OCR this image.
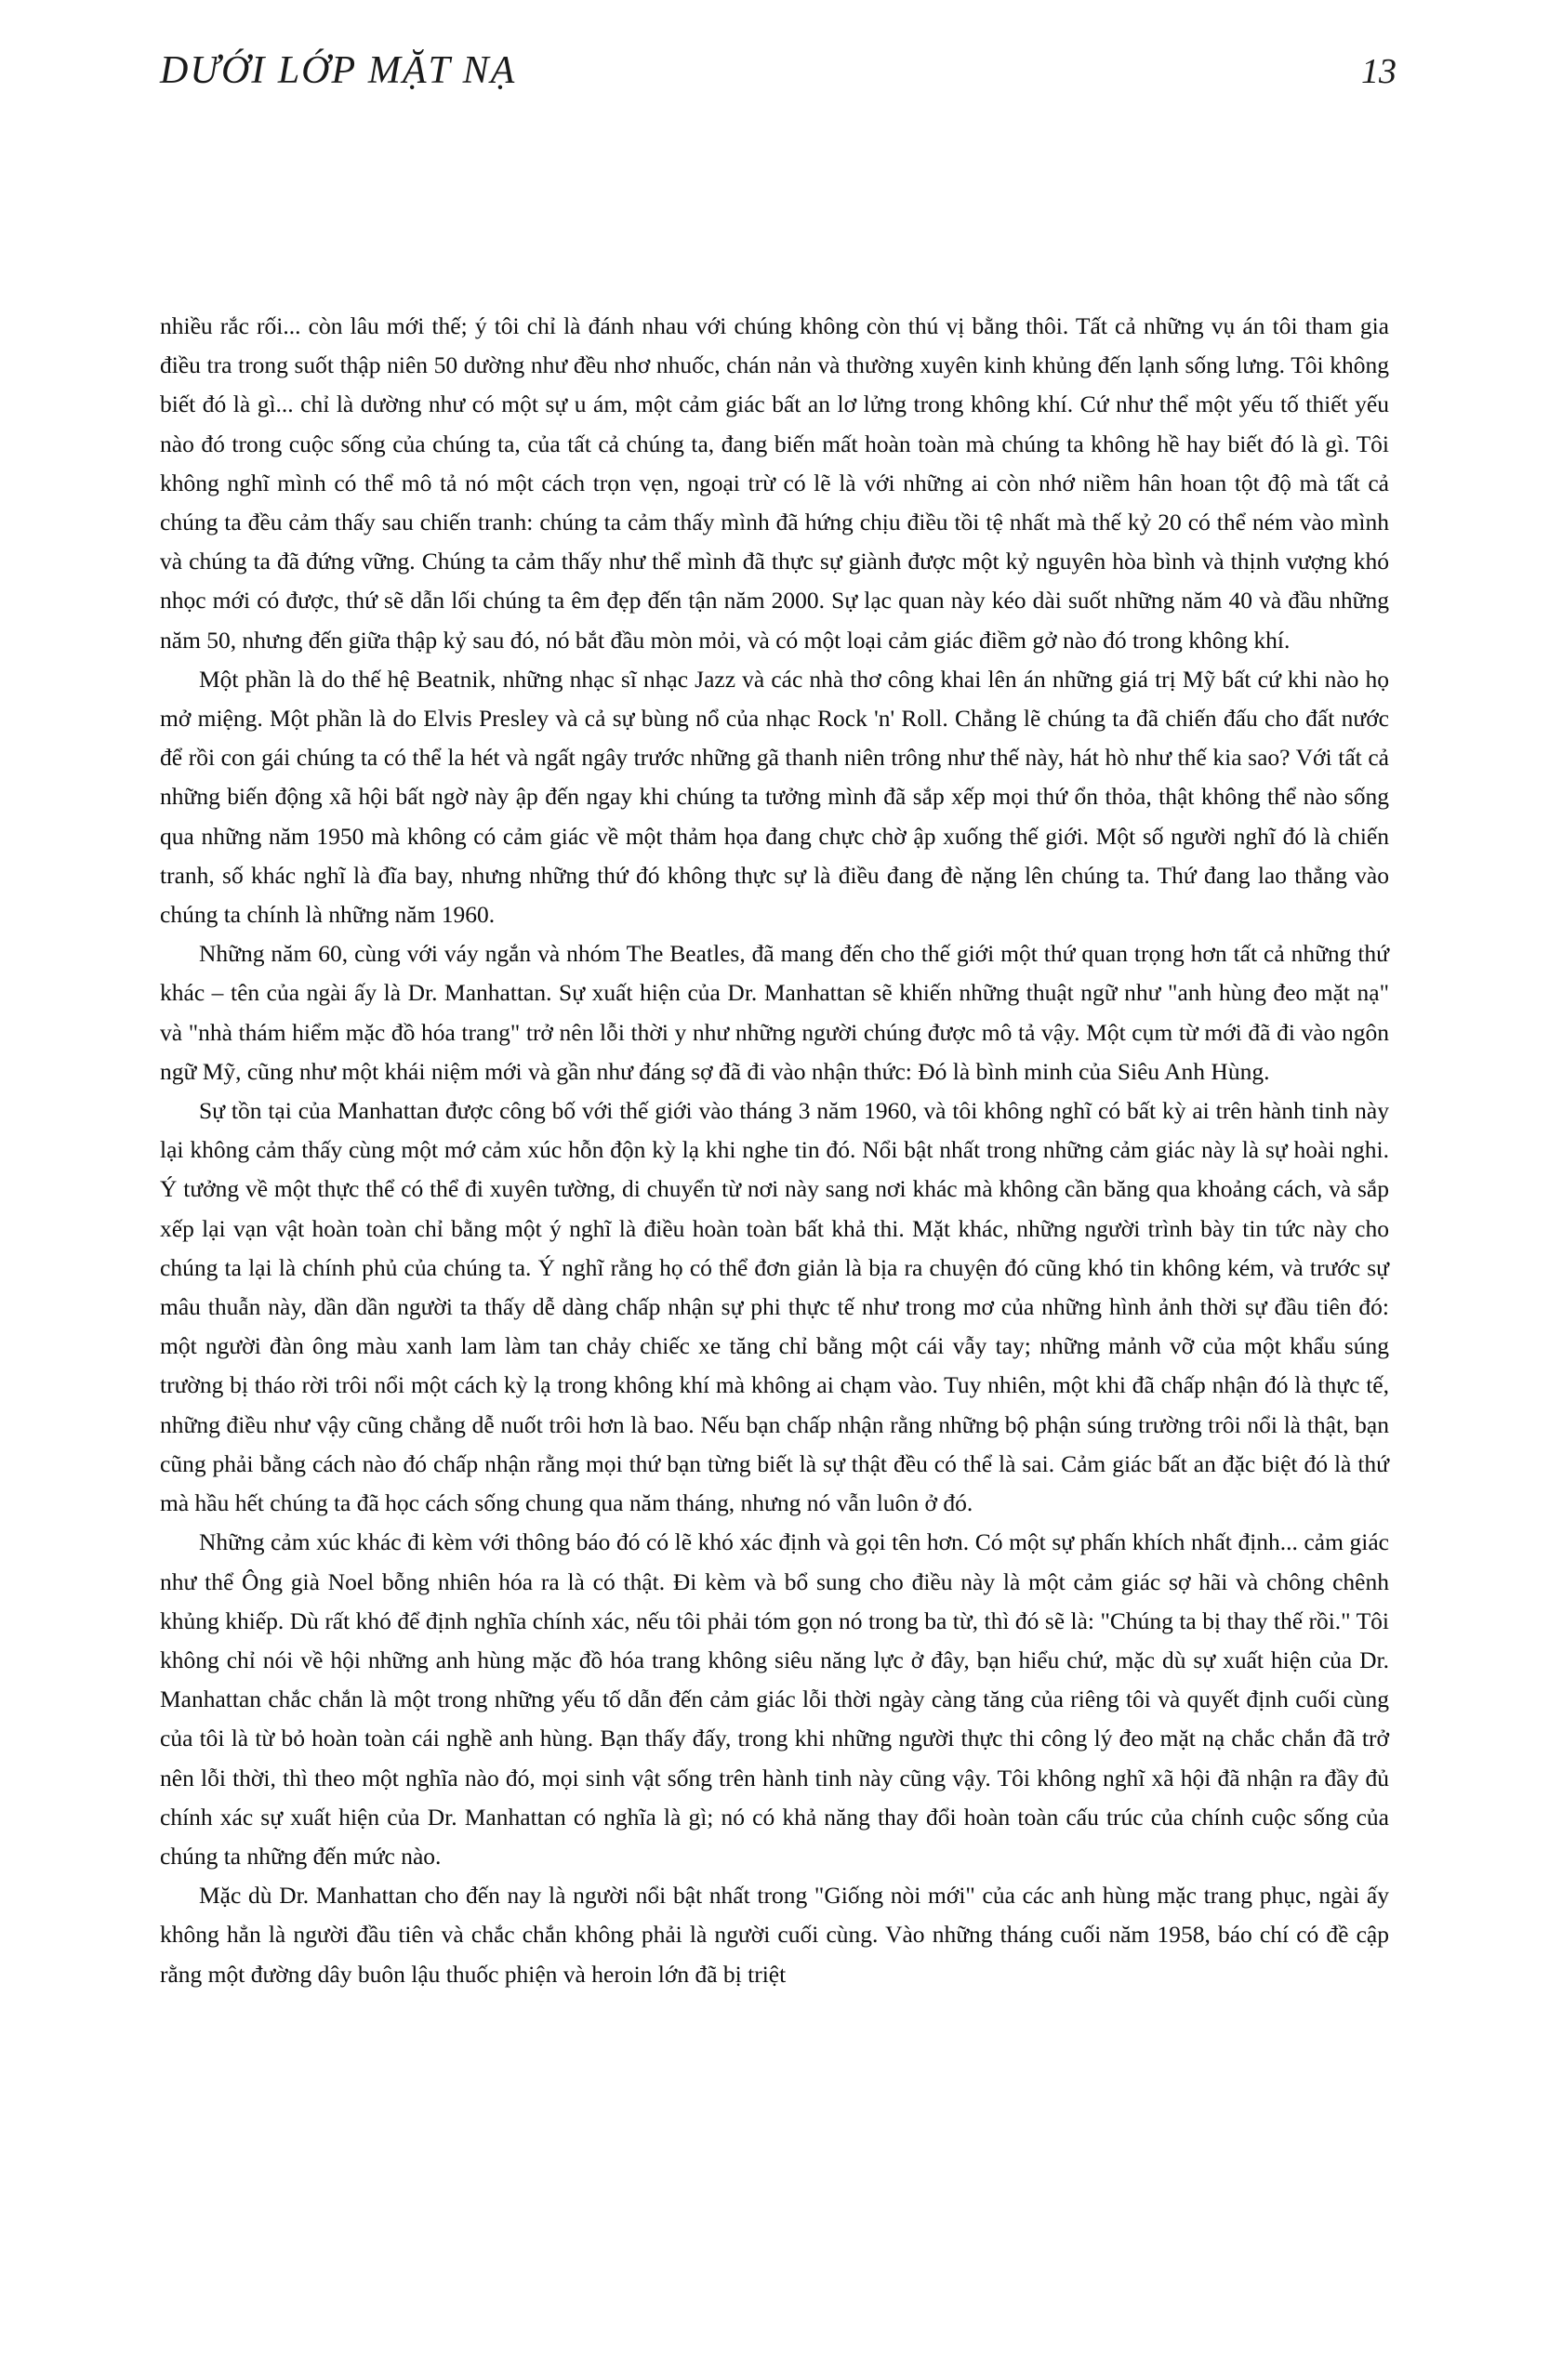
DƯỚI LỚP MẶT NẠ	13

nhiều rắc rối... còn lâu mới thế; ý tôi chỉ là đánh nhau với chúng không còn thú vị bằng thôi. Tất cả những vụ án tôi tham gia điều tra trong suốt thập niên 50 dường như đều nhơ nhuốc, chán nản và thường xuyên kinh khủng đến lạnh sống lưng. Tôi không biết đó là gì... chỉ là dường như có một sự u ám, một cảm giác bất an lơ lửng trong không khí. Cứ như thể một yếu tố thiết yếu nào đó trong cuộc sống của chúng ta, của tất cả chúng ta, đang biến mất hoàn toàn mà chúng ta không hề hay biết đó là gì. Tôi không nghĩ mình có thể mô tả nó một cách trọn vẹn, ngoại trừ có lẽ là với những ai còn nhớ niềm hân hoan tột độ mà tất cả chúng ta đều cảm thấy sau chiến tranh: chúng ta cảm thấy mình đã hứng chịu điều tồi tệ nhất mà thế kỷ 20 có thể ném vào mình và chúng ta đã đứng vững. Chúng ta cảm thấy như thể mình đã thực sự giành được một kỷ nguyên hòa bình và thịnh vượng khó nhọc mới có được, thứ sẽ dẫn lối chúng ta êm đẹp đến tận năm 2000. Sự lạc quan này kéo dài suốt những năm 40 và đầu những năm 50, nhưng đến giữa thập kỷ sau đó, nó bắt đầu mòn mỏi, và có một loại cảm giác điềm gở nào đó trong không khí.

Một phần là do thế hệ Beatnik, những nhạc sĩ nhạc Jazz và các nhà thơ công khai lên án những giá trị Mỹ bất cứ khi nào họ mở miệng. Một phần là do Elvis Presley và cả sự bùng nổ của nhạc Rock 'n' Roll. Chẳng lẽ chúng ta đã chiến đấu cho đất nước để rồi con gái chúng ta có thể la hét và ngất ngây trước những gã thanh niên trông như thế này, hát hò như thế kia sao? Với tất cả những biến động xã hội bất ngờ này ập đến ngay khi chúng ta tưởng mình đã sắp xếp mọi thứ ổn thỏa, thật không thể nào sống qua những năm 1950 mà không có cảm giác về một thảm họa đang chực chờ ập xuống thế giới. Một số người nghĩ đó là chiến tranh, số khác nghĩ là đĩa bay, nhưng những thứ đó không thực sự là điều đang đè nặng lên chúng ta. Thứ đang lao thẳng vào chúng ta chính là những năm 1960.

Những năm 60, cùng với váy ngắn và nhóm The Beatles, đã mang đến cho thế giới một thứ quan trọng hơn tất cả những thứ khác – tên của ngài ấy là Dr. Manhattan. Sự xuất hiện của Dr. Manhattan sẽ khiến những thuật ngữ như "anh hùng đeo mặt nạ" và "nhà thám hiểm mặc đồ hóa trang" trở nên lỗi thời y như những người chúng được mô tả vậy. Một cụm từ mới đã đi vào ngôn ngữ Mỹ, cũng như một khái niệm mới và gần như đáng sợ đã đi vào nhận thức: Đó là bình minh của Siêu Anh Hùng.

Sự tồn tại của Manhattan được công bố với thế giới vào tháng 3 năm 1960, và tôi không nghĩ có bất kỳ ai trên hành tinh này lại không cảm thấy cùng một mớ cảm xúc hỗn độn kỳ lạ khi nghe tin đó. Nổi bật nhất trong những cảm giác này là sự hoài nghi. Ý tưởng về một thực thể có thể đi xuyên tường, di chuyển từ nơi này sang nơi khác mà không cần băng qua khoảng cách, và sắp xếp lại vạn vật hoàn toàn chỉ bằng một ý nghĩ là điều hoàn toàn bất khả thi. Mặt khác, những người trình bày tin tức này cho chúng ta lại là chính phủ của chúng ta. Ý nghĩ rằng họ có thể đơn giản là bịa ra chuyện đó cũng khó tin không kém, và trước sự mâu thuẫn này, dần dần người ta thấy dễ dàng chấp nhận sự phi thực tế như trong mơ của những hình ảnh thời sự đầu tiên đó: một người đàn ông màu xanh lam làm tan chảy chiếc xe tăng chỉ bằng một cái vẫy tay; những mảnh vỡ của một khẩu súng trường bị tháo rời trôi nổi một cách kỳ lạ trong không khí mà không ai chạm vào. Tuy nhiên, một khi đã chấp nhận đó là thực tế, những điều như vậy cũng chẳng dễ nuốt trôi hơn là bao. Nếu bạn chấp nhận rằng những bộ phận súng trường trôi nổi là thật, bạn cũng phải bằng cách nào đó chấp nhận rằng mọi thứ bạn từng biết là sự thật đều có thể là sai. Cảm giác bất an đặc biệt đó là thứ mà hầu hết chúng ta đã học cách sống chung qua năm tháng, nhưng nó vẫn luôn ở đó.

Những cảm xúc khác đi kèm với thông báo đó có lẽ khó xác định và gọi tên hơn. Có một sự phấn khích nhất định... cảm giác như thể Ông già Noel bỗng nhiên hóa ra là có thật. Đi kèm và bổ sung cho điều này là một cảm giác sợ hãi và chông chênh khủng khiếp. Dù rất khó để định nghĩa chính xác, nếu tôi phải tóm gọn nó trong ba từ, thì đó sẽ là: "Chúng ta bị thay thế rồi." Tôi không chỉ nói về hội những anh hùng mặc đồ hóa trang không siêu năng lực ở đây, bạn hiểu chứ, mặc dù sự xuất hiện của Dr. Manhattan chắc chắn là một trong những yếu tố dẫn đến cảm giác lỗi thời ngày càng tăng của riêng tôi và quyết định cuối cùng của tôi là từ bỏ hoàn toàn cái nghề anh hùng. Bạn thấy đấy, trong khi những người thực thi công lý đeo mặt nạ chắc chắn đã trở nên lỗi thời, thì theo một nghĩa nào đó, mọi sinh vật sống trên hành tinh này cũng vậy. Tôi không nghĩ xã hội đã nhận ra đầy đủ chính xác sự xuất hiện của Dr. Manhattan có nghĩa là gì; nó có khả năng thay đổi hoàn toàn cấu trúc của chính cuộc sống của chúng ta những đến mức nào.

Mặc dù Dr. Manhattan cho đến nay là người nổi bật nhất trong "Giống nòi mới" của các anh hùng mặc trang phục, ngài ấy không hẳn là người đầu tiên và chắc chắn không phải là người cuối cùng. Vào những tháng cuối năm 1958, báo chí có đề cập rằng một đường dây buôn lậu thuốc phiện và heroin lớn đã bị triệt
